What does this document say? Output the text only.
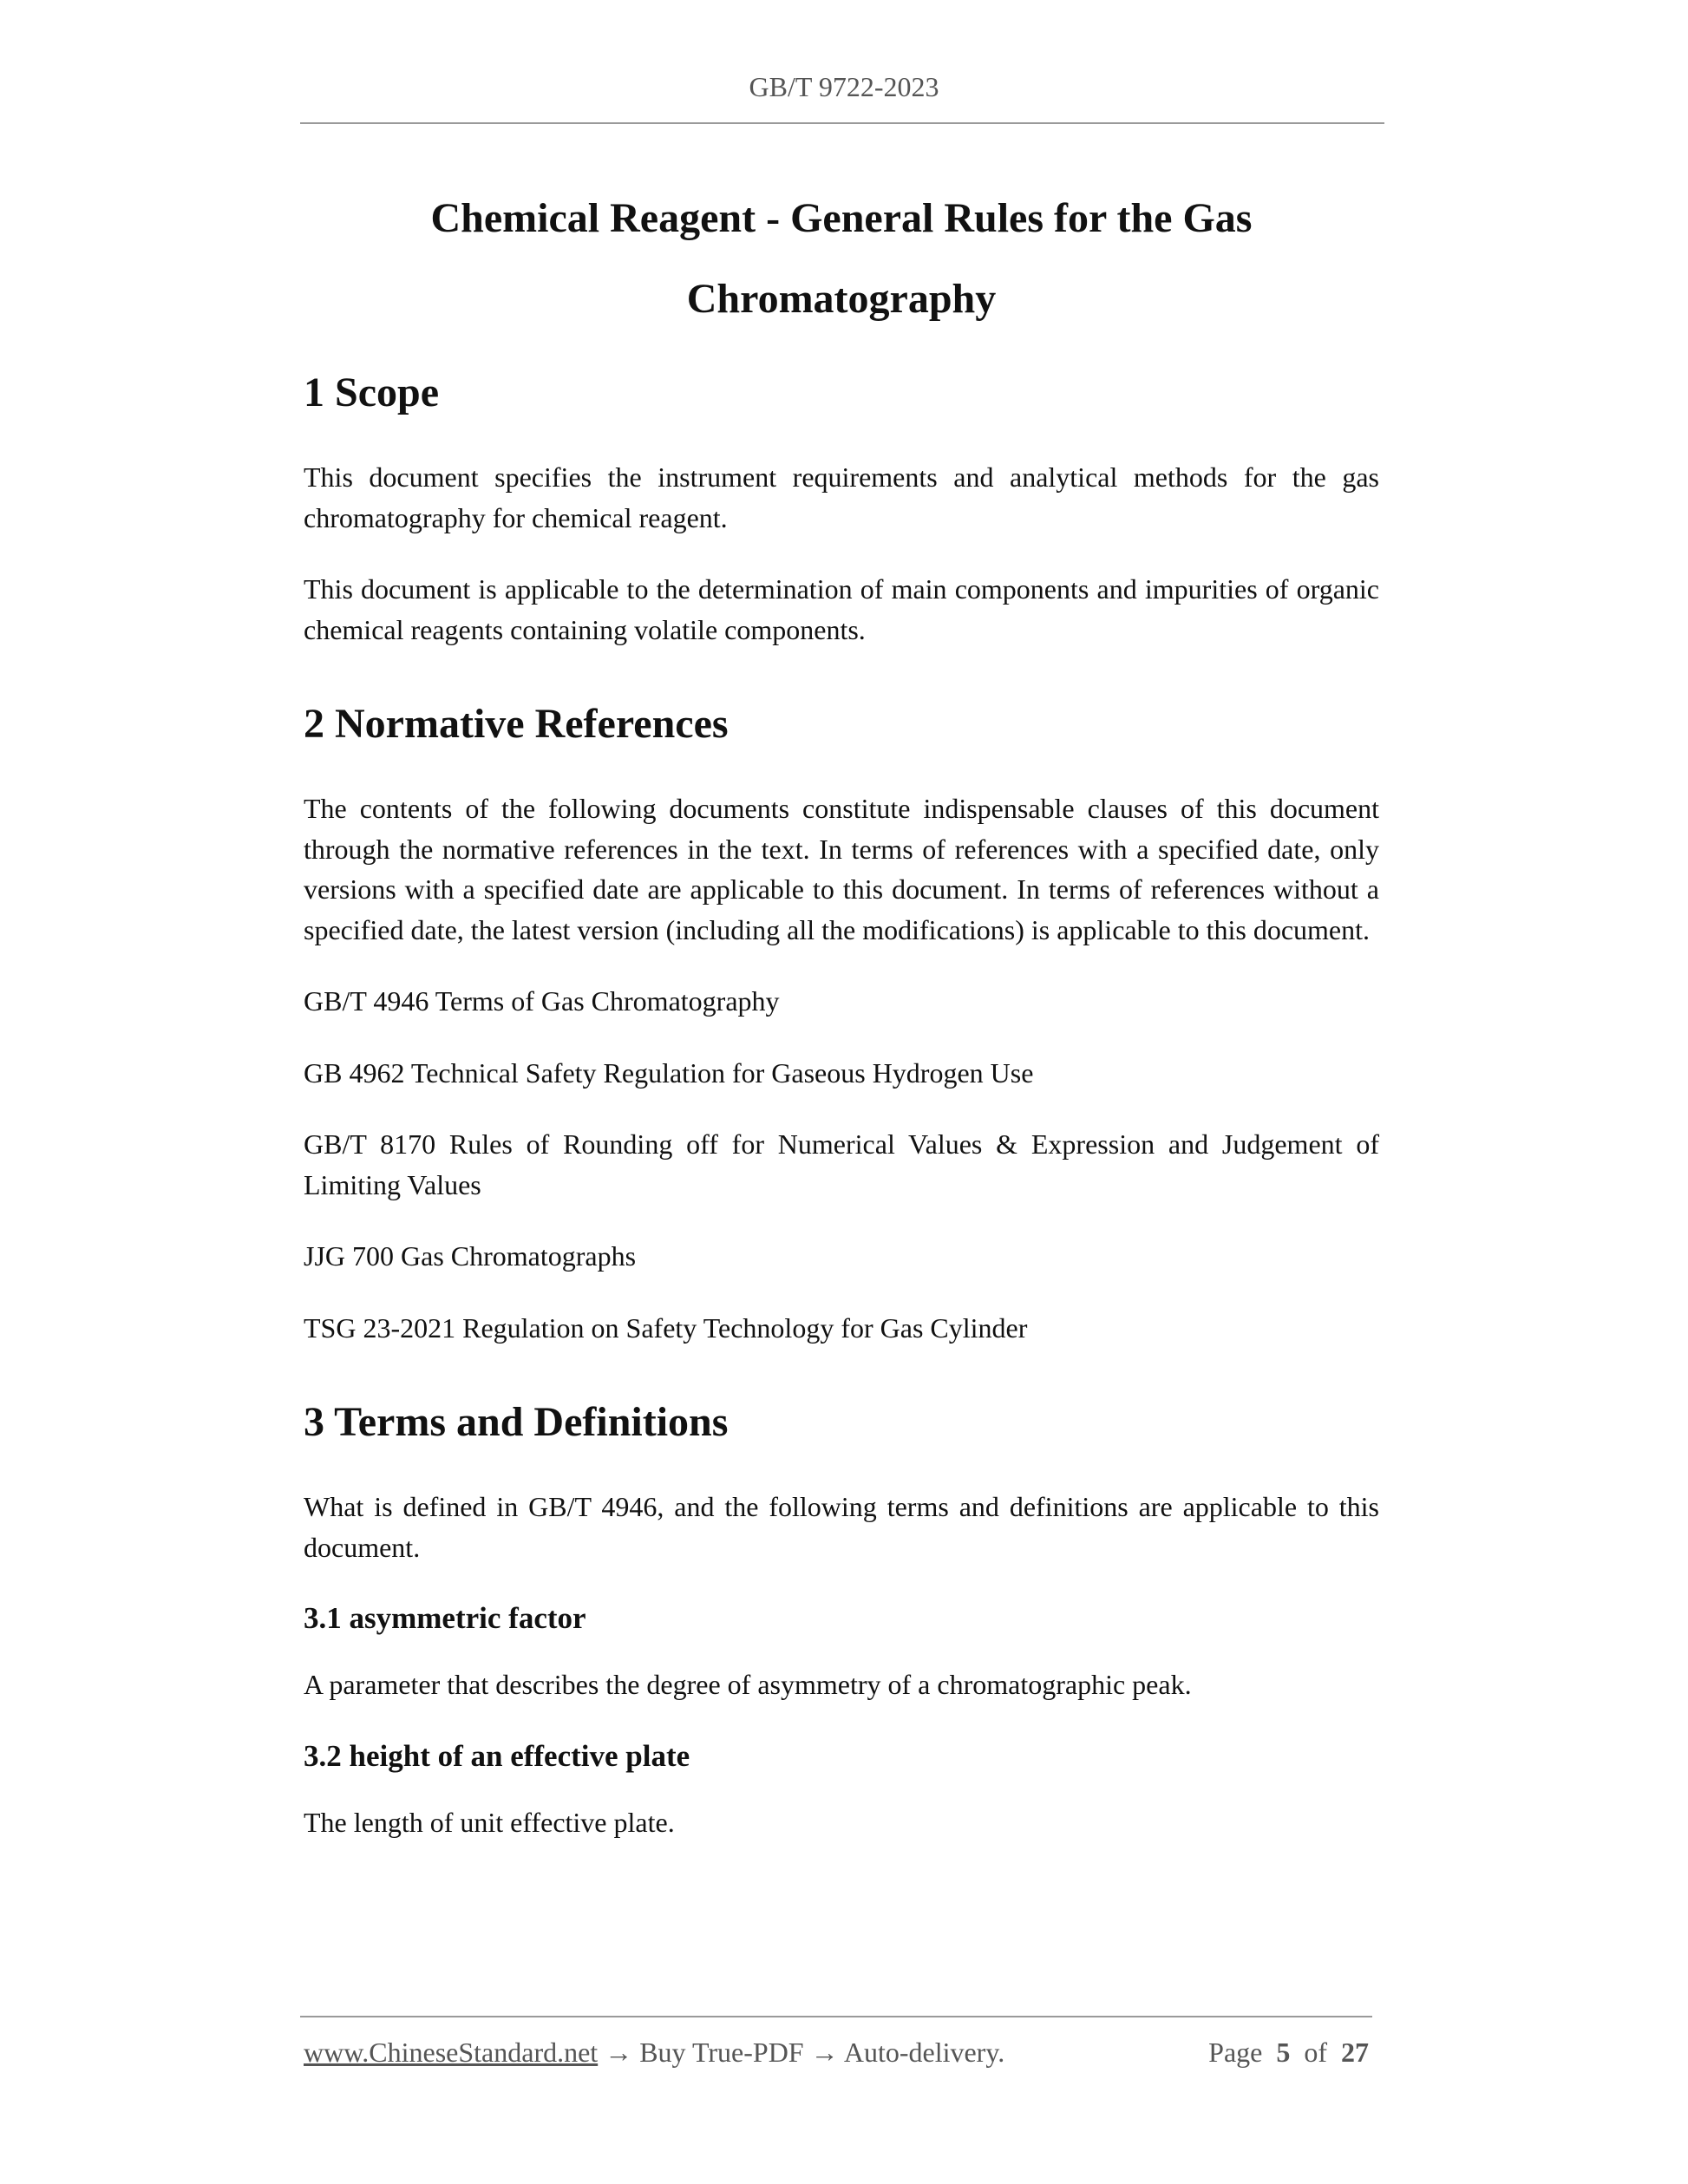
GB/T 9722-2023
Chemical Reagent - General Rules for the Gas Chromatography
1 Scope
This document specifies the instrument requirements and analytical methods for the gas chromatography for chemical reagent.
This document is applicable to the determination of main components and impurities of organic chemical reagents containing volatile components.
2 Normative References
The contents of the following documents constitute indispensable clauses of this document through the normative references in the text. In terms of references with a specified date, only versions with a specified date are applicable to this document. In terms of references without a specified date, the latest version (including all the modifications) is applicable to this document.
GB/T 4946 Terms of Gas Chromatography
GB 4962 Technical Safety Regulation for Gaseous Hydrogen Use
GB/T 8170 Rules of Rounding off for Numerical Values & Expression and Judgement of Limiting Values
JJG 700 Gas Chromatographs
TSG 23-2021 Regulation on Safety Technology for Gas Cylinder
3 Terms and Definitions
What is defined in GB/T 4946, and the following terms and definitions are applicable to this document.
3.1 asymmetric factor
A parameter that describes the degree of asymmetry of a chromatographic peak.
3.2 height of an effective plate
The length of unit effective plate.
www.ChineseStandard.net → Buy True-PDF → Auto-delivery.	Page 5 of 27
